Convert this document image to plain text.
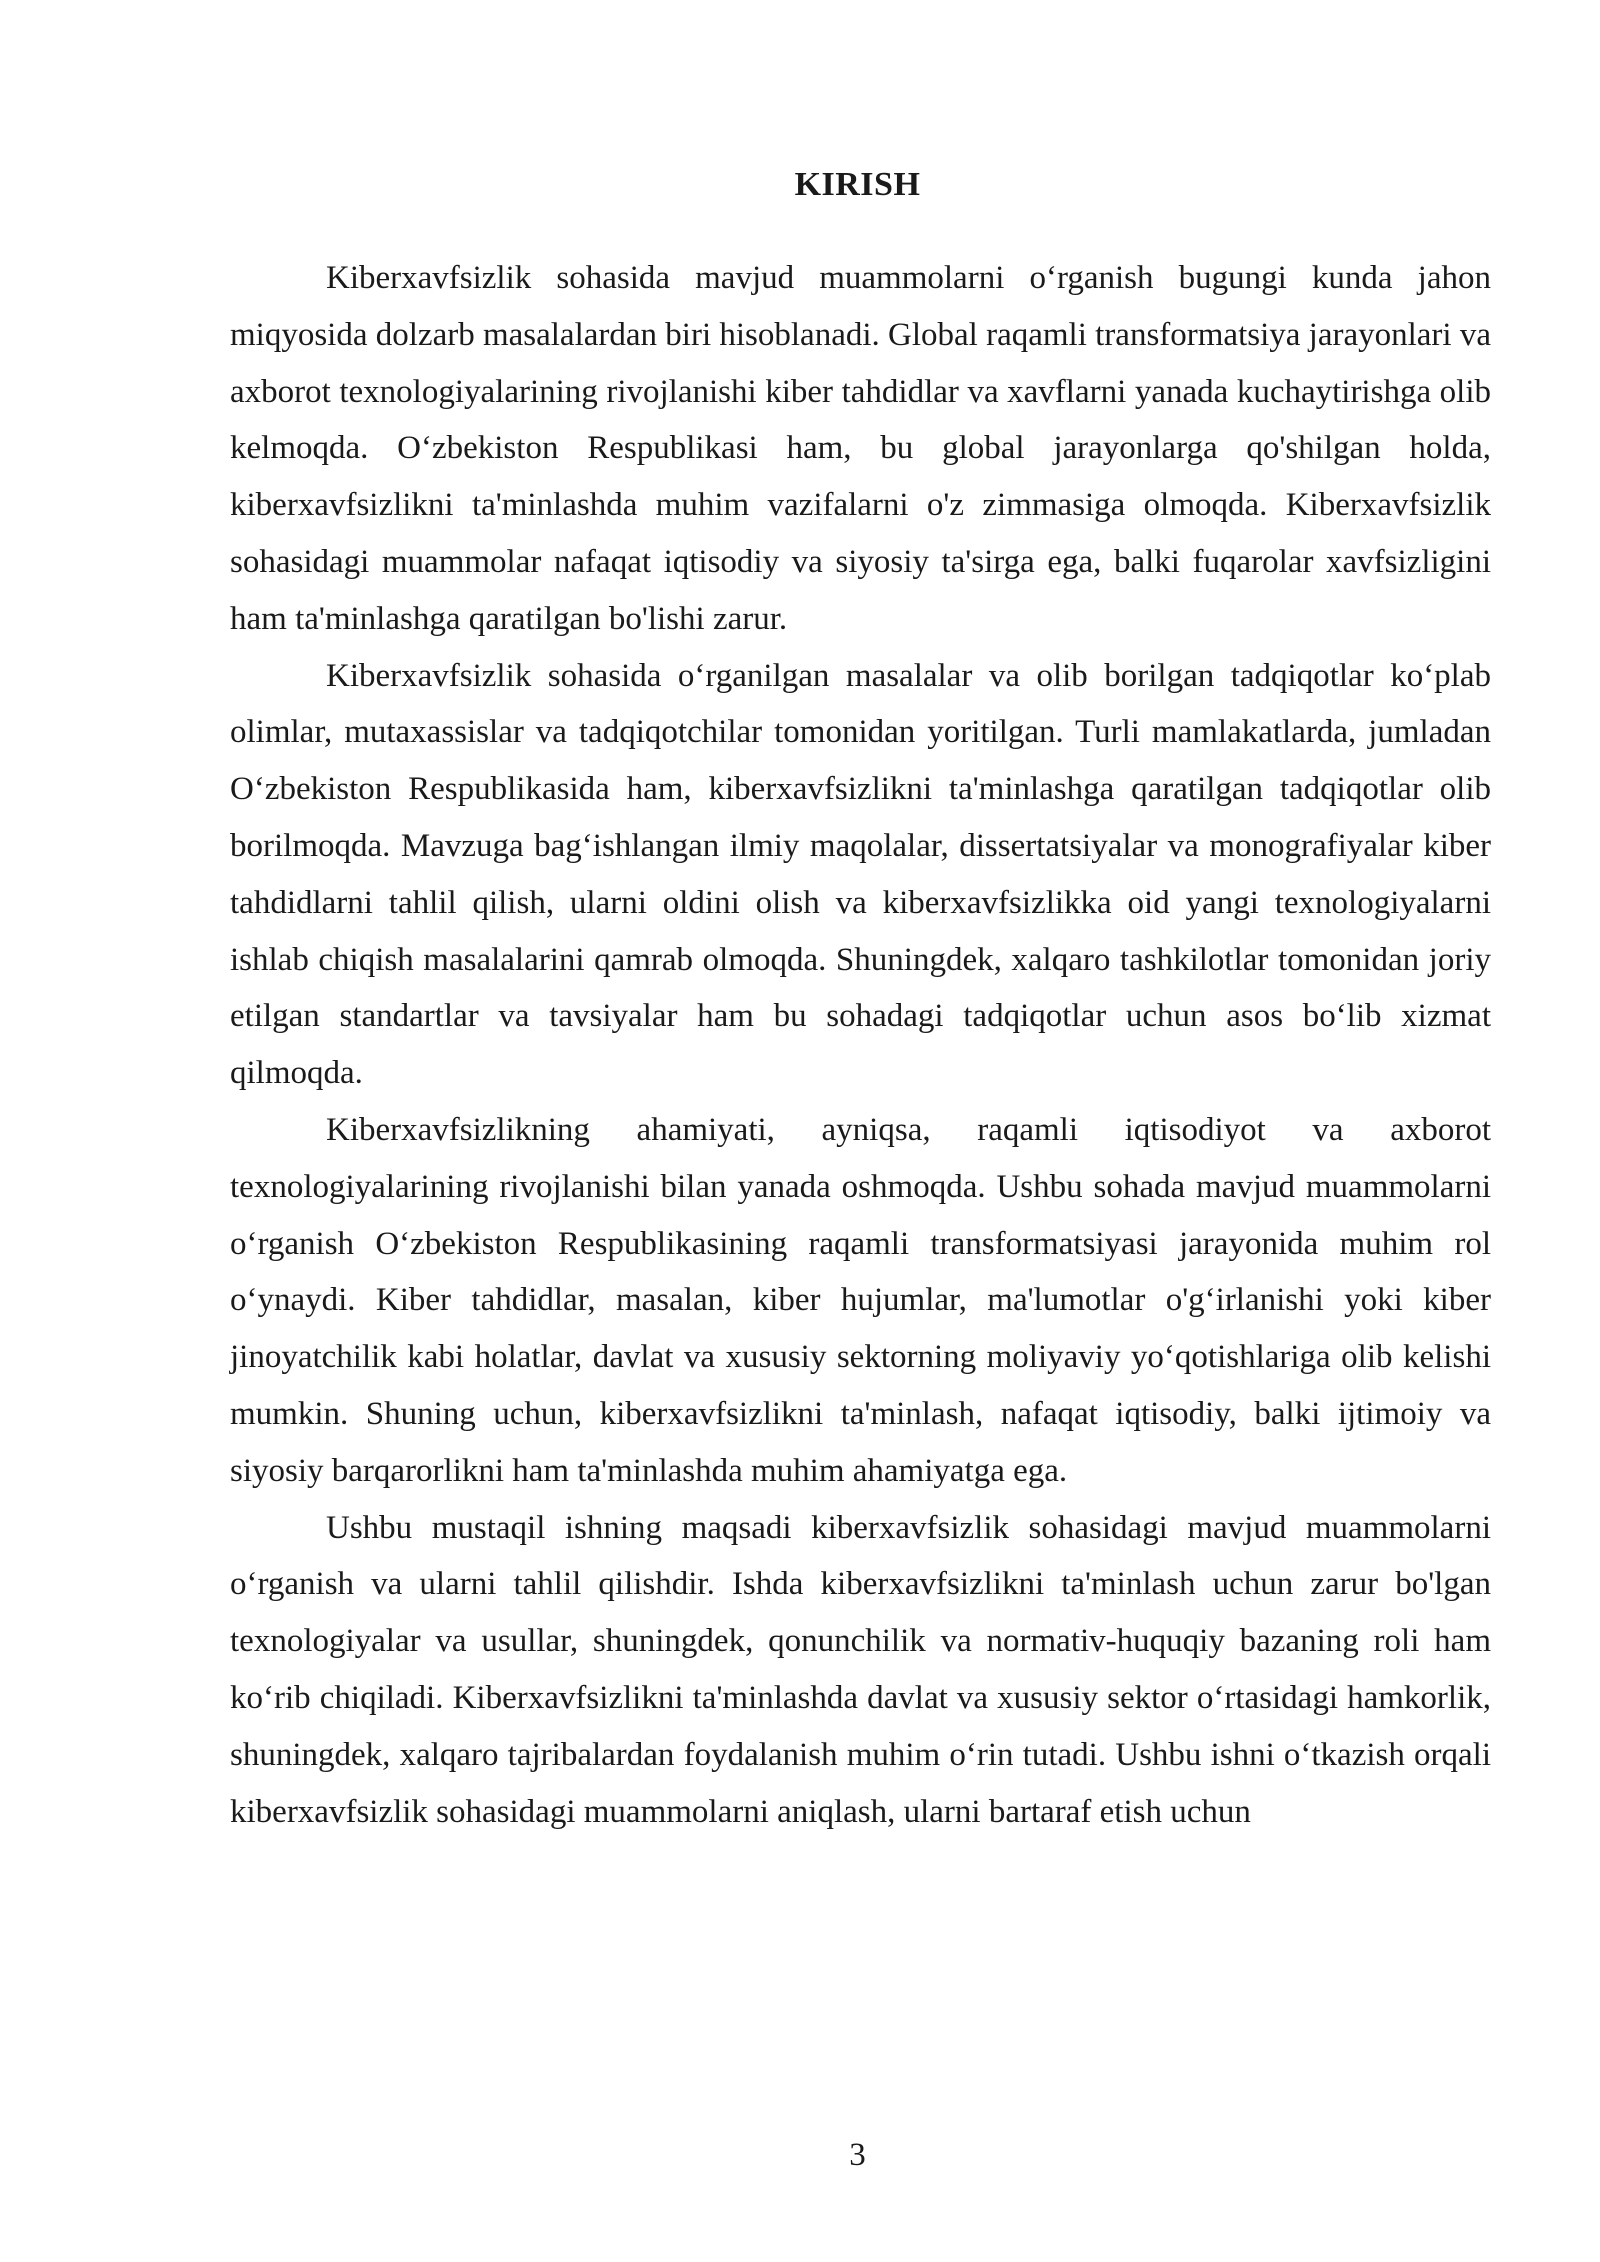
KIRISH

Kiberxavfsizlik sohasida mavjud muammolarni oʻrganish bugungi kunda jahon miqyosida dolzarb masalalardan biri hisoblanadi. Global raqamli transformatsiya jarayonlari va axborot texnologiyalarining rivojlanishi kiber tahdidlar va xavflarni yanada kuchaytirishga olib kelmoqda. Oʻzbekiston Respublikasi ham, bu global jarayonlarga qo'shilgan holda, kiberxavfsizlikni ta'minlashda muhim vazifalarni o'z zimmasiga olmoqda. Kiberxavfsizlik sohasidagi muammolar nafaqat iqtisodiy va siyosiy ta'sirga ega, balki fuqarolar xavfsizligini ham ta'minlashga qaratilgan bo'lishi zarur.

Kiberxavfsizlik sohasida oʻrganilgan masalalar va olib borilgan tadqiqotlar koʻplab olimlar, mutaxassislar va tadqiqotchilar tomonidan yoritilgan. Turli mamlakatlarda, jumladan Oʻzbekiston Respublikasida ham, kiberxavfsizlikni ta'minlashga qaratilgan tadqiqotlar olib borilmoqda. Mavzuga bagʻishlangan ilmiy maqolalar, dissertatsiyalar va monografiyalar kiber tahdidlarni tahlil qilish, ularni oldini olish va kiberxavfsizlikka oid yangi texnologiyalarni ishlab chiqish masalalarini qamrab olmoqda. Shuningdek, xalqaro tashkilotlar tomonidan joriy etilgan standartlar va tavsiyalar ham bu sohadagi tadqiqotlar uchun asos boʻlib xizmat qilmoqda.

Kiberxavfsizlikning ahamiyati, ayniqsa, raqamli iqtisodiyot va axborot texnologiyalarining rivojlanishi bilan yanada oshmoqda. Ushbu sohada mavjud muammolarni oʻrganish Oʻzbekiston Respublikasining raqamli transformatsiyasi jarayonida muhim rol oʻynaydi. Kiber tahdidlar, masalan, kiber hujumlar, ma'lumotlar o'gʻirlanishi yoki kiber jinoyatchilik kabi holatlar, davlat va xususiy sektorning moliyaviy yoʻqotishlariga olib kelishi mumkin. Shuning uchun, kiberxavfsizlikni ta'minlash, nafaqat iqtisodiy, balki ijtimoiy va siyosiy barqarorlikni ham ta'minlashda muhim ahamiyatga ega.

Ushbu mustaqil ishning maqsadi kiberxavfsizlik sohasidagi mavjud muammolarni oʻrganish va ularni tahlil qilishdir. Ishda kiberxavfsizlikni ta'minlash uchun zarur bo'lgan texnologiyalar va usullar, shuningdek, qonunchilik va normativ-huquqiy bazaning roli ham koʻrib chiqiladi. Kiberxavfsizlikni ta'minlashda davlat va xususiy sektor oʻrtasidagi hamkorlik, shuningdek, xalqaro tajribalardan foydalanish muhim oʻrin tutadi. Ushbu ishni oʻtkazish orqali kiberxavfsizlik sohasidagi muammolarni aniqlash, ularni bartaraf etish uchun

3
